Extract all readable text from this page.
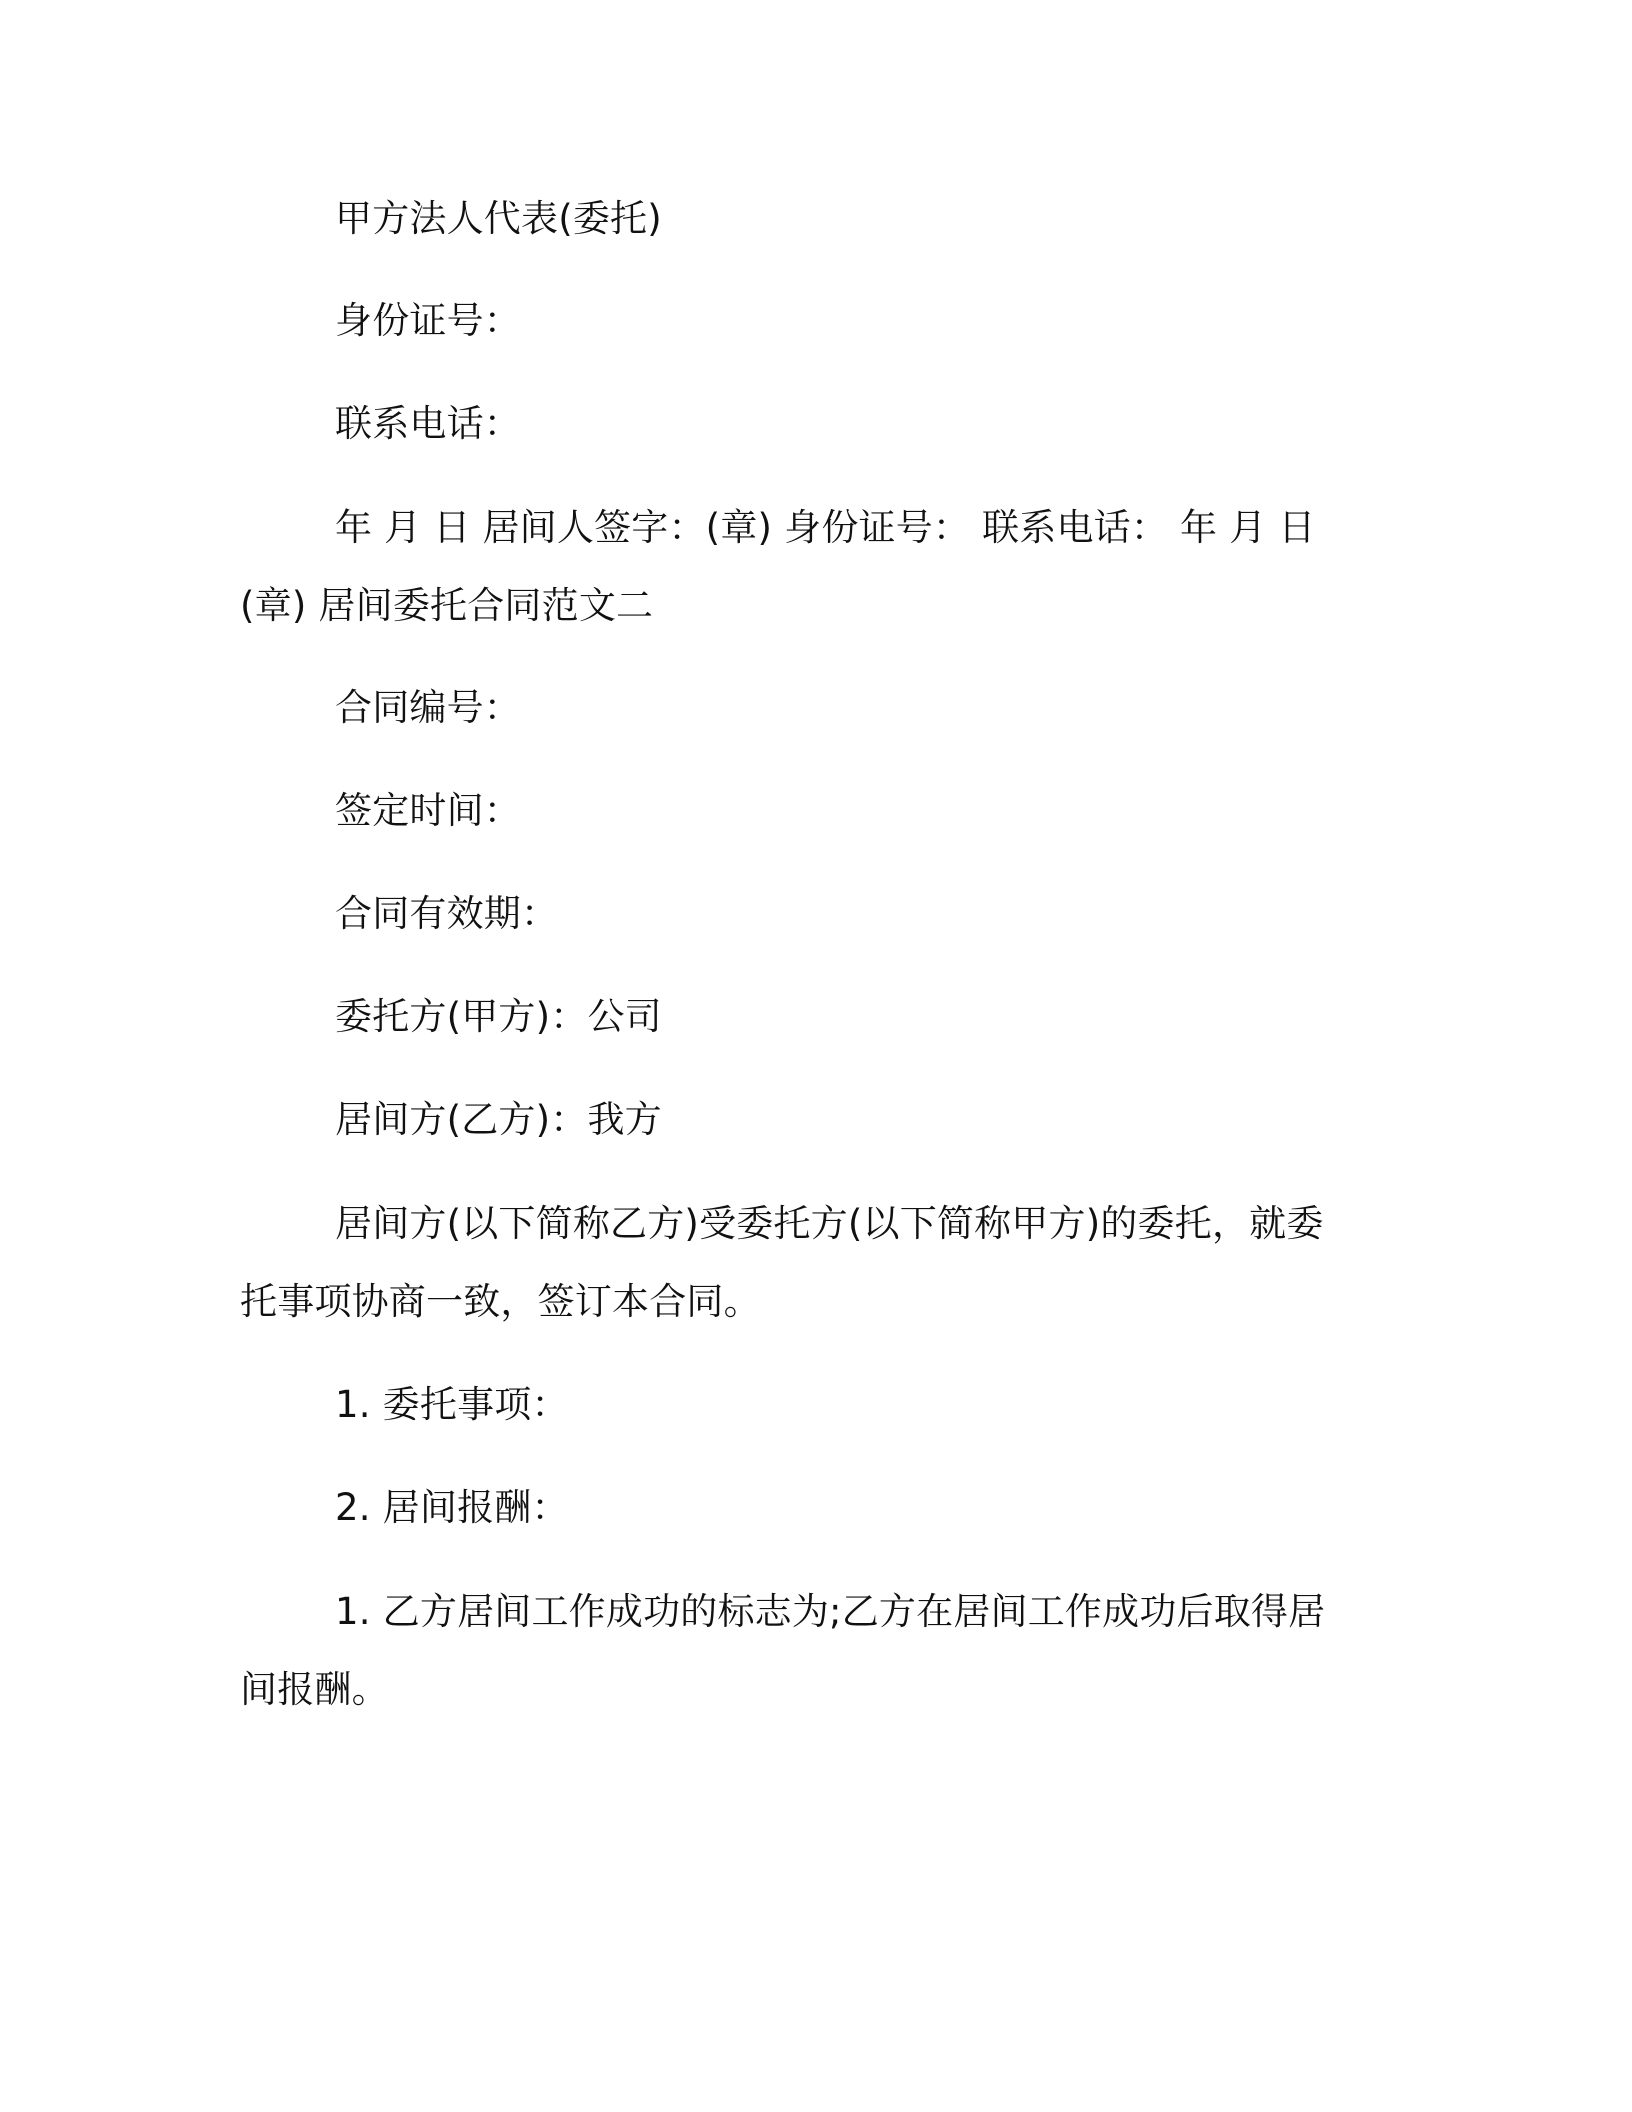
甲方法人代表(委托)

身份证号：

联系电话：

年 月 日 居间人签字：(章) 身份证号： 联系电话： 年 月 日 (章) 居间委托合同范文二

合同编号：

签定时间：

合同有效期：

委托方(甲方)：公司

居间方(乙方)：我方

居间方(以下简称乙方)受委托方(以下简称甲方)的委托，就委托事项协商一致，签订本合同。

1. 委托事项：

2. 居间报酬：

1. 乙方居间工作成功的标志为;乙方在居间工作成功后取得居间报酬。
